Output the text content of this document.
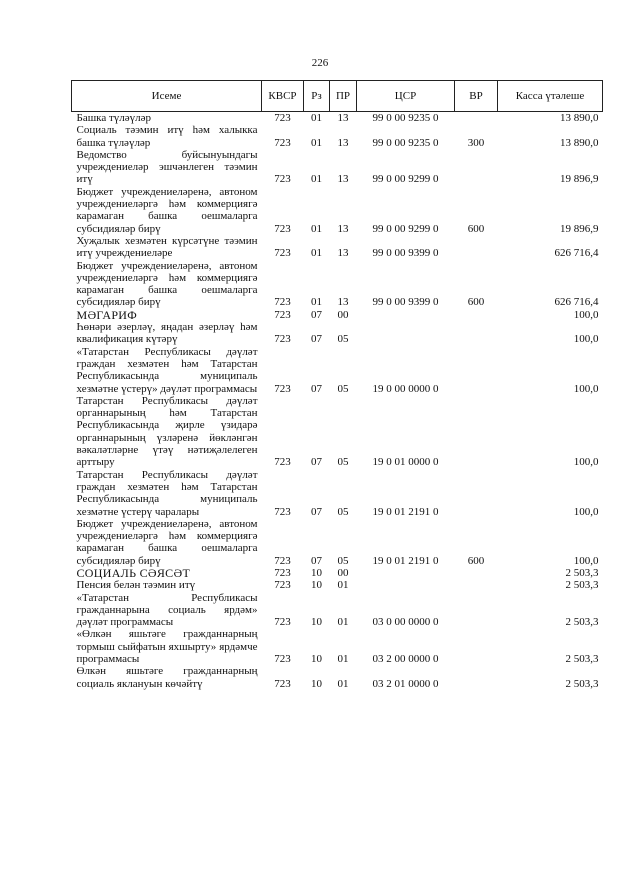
226
Исеме	КВСР	Рз	ПР	ЦСР	ВР	Касса үтәлеше
Башка түләүләр	723	01	13	99 0 00 9235 0		13 890,0
Социаль тәэмин итү һәм халыкка башка түләүләр	723	01	13	99 0 00 9235 0	300	13 890,0
Ведомство буйсынуындагы учреждениеләр эшчәнлеген тәэмин итү	723	01	13	99 0 00 9299 0		19 896,9
Бюджет учреждениеләренә, автоном учреждениеләргә һәм коммерциягә карамаган башка оешмаларга субсидияләр бирү	723	01	13	99 0 00 9299 0	600	19 896,9
Хуҗалык хезмәтен күрсәтүне тәэмин итү учреждениеләре	723	01	13	99 0 00 9399 0		626 716,4
Бюджет учреждениеләренә, автоном учреждениеләргә һәм коммерциягә карамаган башка оешмаларга субсидияләр бирү	723	01	13	99 0 00 9399 0	600	626 716,4
МӘГАРИФ	723	07	00			100,0
Һөнәри әзерләү, яңадан әзерләү һәм квалификация күтәрү	723	07	05			100,0
«Татарстан Республикасы дәүләт граждан хезмәтен һәм Татарстан Республикасында муниципаль хезмәтне үстерү» дәүләт программасы	723	07	05	19 0 00 0000 0		100,0
Татарстан Республикасы дәүләт органнарының һәм Татарстан Республикасында җирле үзидарә органнарының үзләренә йөкләнгән вәкаләтләрне үтәү нәтиҗәлелеген арттыру	723	07	05	19 0 01 0000 0		100,0
Татарстан Республикасы дәүләт граждан хезмәтен һәм Татарстан Республикасында муниципаль хезмәтне үстерү чаралары	723	07	05	19 0 01 2191 0		100,0
Бюджет учреждениеләренә, автоном учреждениеләргә һәм коммерциягә карамаган башка оешмаларга субсидияләр бирү	723	07	05	19 0 01 2191 0	600	100,0
СОЦИАЛЬ СӘЯСӘТ	723	10	00			2 503,3
Пенсия белән тәэмин итү	723	10	01			2 503,3
«Татарстан Республикасы гражданнарына социаль ярдәм» дәүләт программасы	723	10	01	03 0 00 0000 0		2 503,3
«Өлкән яшьтәге гражданнарның тормыш сыйфатын яхшырту» ярдәмче программасы	723	10	01	03 2 00 0000 0		2 503,3
Өлкән яшьтәге гражданнарның социаль яклануын көчәйтү	723	10	01	03 2 01 0000 0		2 503,3
